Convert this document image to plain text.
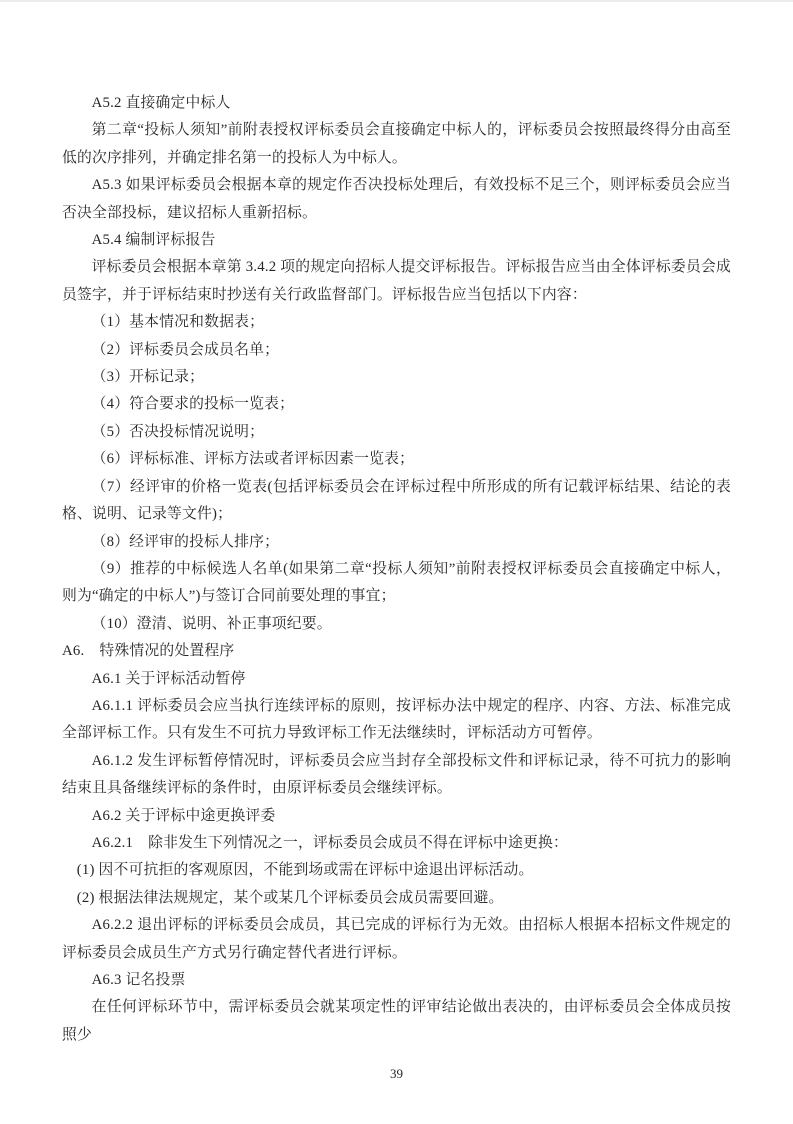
A5.2 直接确定中标人

第二章“投标人须知”前附表授权评标委员会直接确定中标人的，评标委员会按照最终得分由高至低的次序排列，并确定排名第一的投标人为中标人。

A5.3 如果评标委员会根据本章的规定作否决投标处理后，有效投标不足三个，则评标委员会应当否决全部投标，建议招标人重新招标。

A5.4 编制评标报告

评标委员会根据本章第 3.4.2 项的规定向招标人提交评标报告。评标报告应当由全体评标委员会成员签字，并于评标结束时抄送有关行政监督部门。评标报告应当包括以下内容：

（1）基本情况和数据表；

（2）评标委员会成员名单；

（3）开标记录；

（4）符合要求的投标一览表；

（5）否决投标情况说明；

（6）评标标准、评标方法或者评标因素一览表；

（7）经评审的价格一览表(包括评标委员会在评标过程中所形成的所有记载评标结果、结论的表格、说明、记录等文件)；

（8）经评审的投标人排序；

（9）推荐的中标候选人名单(如果第二章“投标人须知”前附表授权评标委员会直接确定中标人，则为“确定的中标人”)与签订合同前要处理的事宜；

（10）澄清、说明、补正事项纪要。

A6.　特殊情况的处置程序

A6.1 关于评标活动暂停

A6.1.1 评标委员会应当执行连续评标的原则，按评标办法中规定的程序、内容、方法、标准完成全部评标工作。只有发生不可抗力导致评标工作无法继续时，评标活动方可暂停。

A6.1.2 发生评标暂停情况时，评标委员会应当封存全部投标文件和评标记录，待不可抗力的影响结束且具备继续评标的条件时，由原评标委员会继续评标。

A6.2 关于评标中途更换评委

A6.2.1　除非发生下列情况之一，评标委员会成员不得在评标中途更换：

(1) 因不可抗拒的客观原因，不能到场或需在评标中途退出评标活动。

(2) 根据法律法规规定，某个或某几个评标委员会成员需要回避。

A6.2.2 退出评标的评标委员会成员，其已完成的评标行为无效。由招标人根据本招标文件规定的评标委员会成员生产方式另行确定替代者进行评标。

A6.3 记名投票

在任何评标环节中，需评标委员会就某项定性的评审结论做出表决的，由评标委员会全体成员按照少

39
